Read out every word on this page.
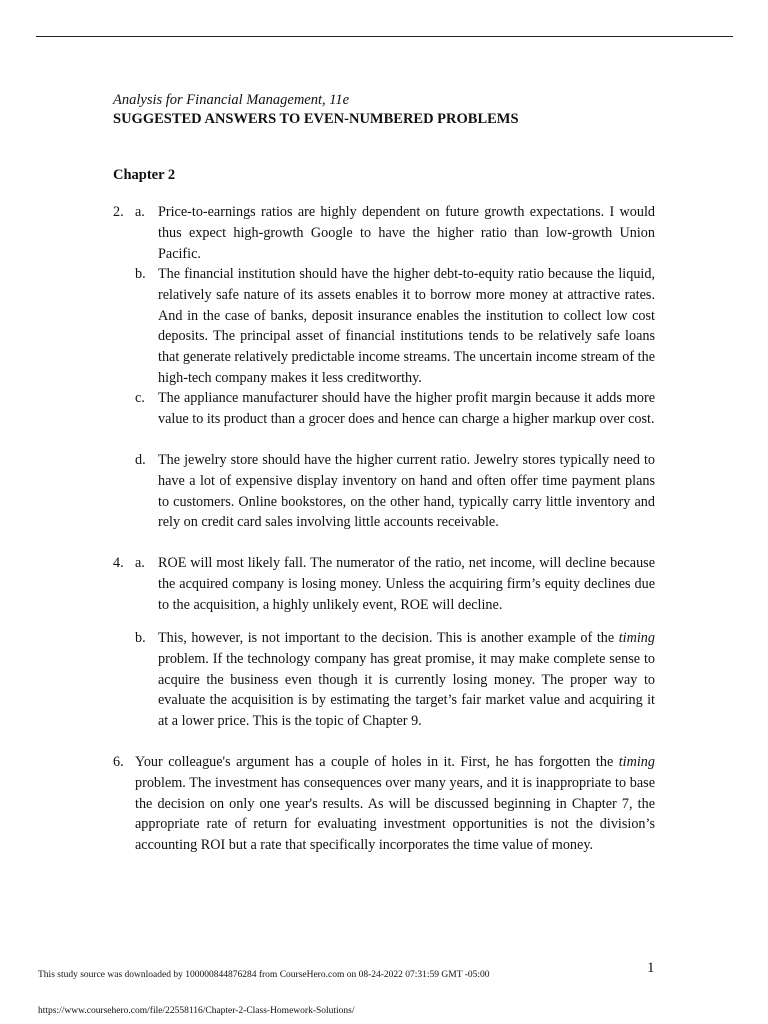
Analysis for Financial Management, 11e
SUGGESTED ANSWERS TO EVEN-NUMBERED PROBLEMS
Chapter 2
2. a. Price-to-earnings ratios are highly dependent on future growth expectations. I would thus expect high-growth Google to have the higher ratio than low-growth Union Pacific.

b. The financial institution should have the higher debt-to-equity ratio because the liquid, relatively safe nature of its assets enables it to borrow more money at attractive rates. And in the case of banks, deposit insurance enables the institution to collect low cost deposits. The principal asset of financial institutions tends to be relatively safe loans that generate relatively predictable income streams. The uncertain income stream of the high-tech company makes it less creditworthy.

c. The appliance manufacturer should have the higher profit margin because it adds more value to its product than a grocer does and hence can charge a higher markup over cost.

d. The jewelry store should have the higher current ratio. Jewelry stores typically need to have a lot of expensive display inventory on hand and often offer time payment plans to customers. Online bookstores, on the other hand, typically carry little inventory and rely on credit card sales involving little accounts receivable.

4. a. ROE will most likely fall. The numerator of the ratio, net income, will decline because the acquired company is losing money. Unless the acquiring firm’s equity declines due to the acquisition, a highly unlikely event, ROE will decline.

b. This, however, is not important to the decision. This is another example of the timing problem. If the technology company has great promise, it may make complete sense to acquire the business even though it is currently losing money. The proper way to evaluate the acquisition is by estimating the target’s fair market value and acquiring it at a lower price. This is the topic of Chapter 9.

6. Your colleague's argument has a couple of holes in it. First, he has forgotten the timing problem. The investment has consequences over many years, and it is inappropriate to base the decision on only one year's results. As will be discussed beginning in Chapter 7, the appropriate rate of return for evaluating investment opportunities is not the division’s accounting ROI but a rate that specifically incorporates the time value of money.

1
This study source was downloaded by 100000844876284 from CourseHero.com on 08-24-2022 07:31:59 GMT -05:00
https://www.coursehero.com/file/22558116/Chapter-2-Class-Homework-Solutions/
